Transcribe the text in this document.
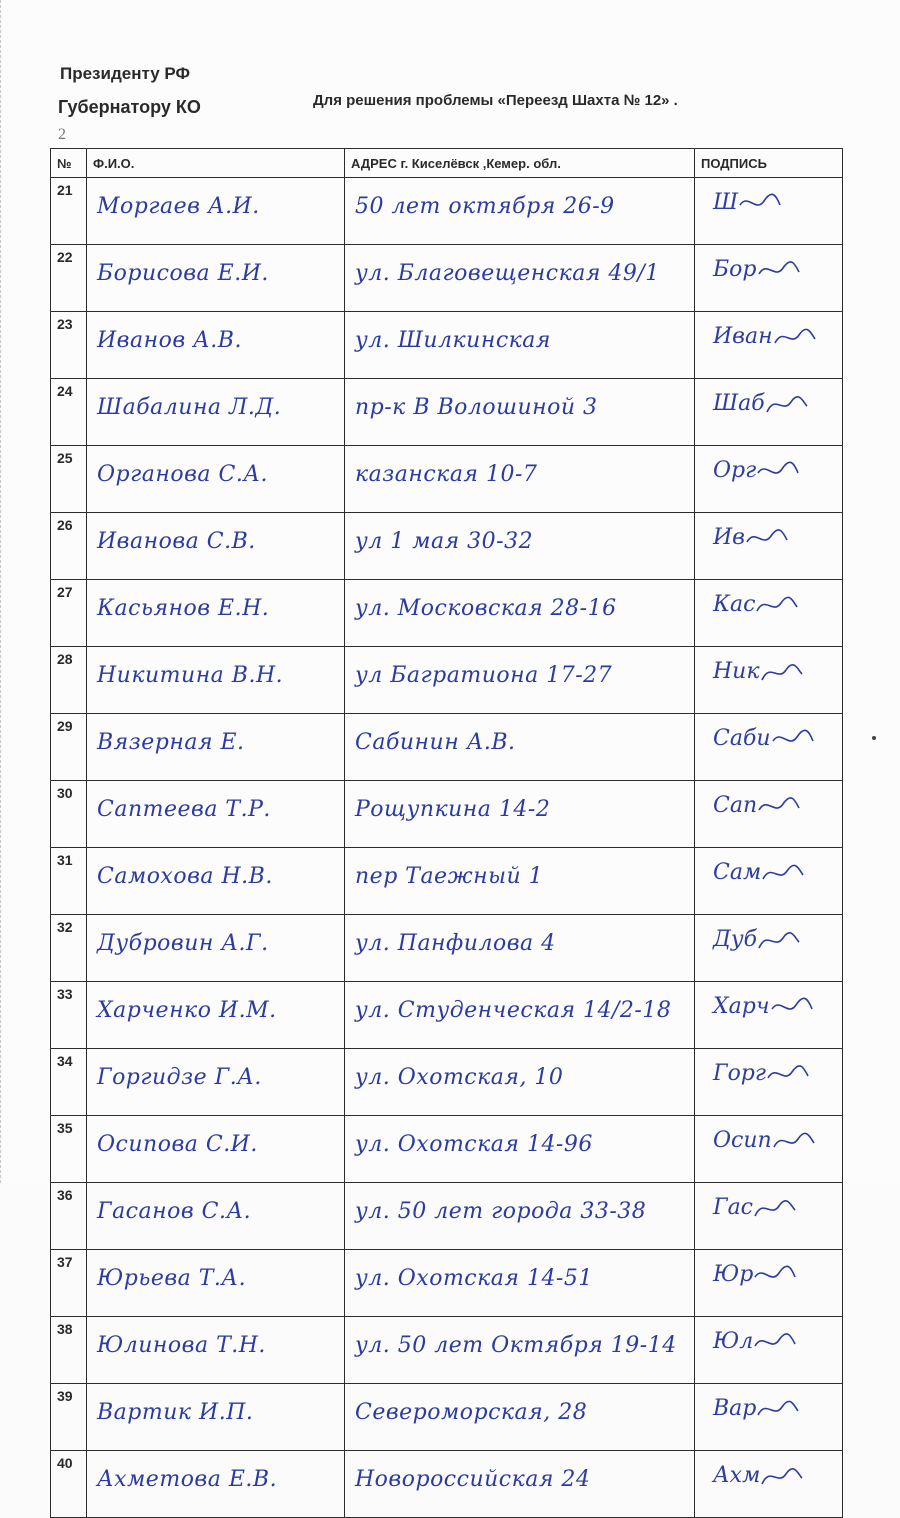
Президенту РФ
Губернатору КО	Для решения проблемы «Переезд Шахта № 12» .
2
№	Ф.И.О.	АДРЕС г. Киселёвск ,Кемер. обл.	ПОДПИСЬ
21	Моргаев А.И.	50 лет октября 26-9	Ш
22	Борисова Е.И.	ул. Благовещенская 49/1	Бор
23	Иванов А.В.	ул. Шилкинская	Иван
24	Шабалина Л.Д.	пр-к В Волошиной 3	Шаб
25	Органова С.А.	казанская 10-7	Орг
26	Иванова С.В.	ул 1 мая 30-32	Ив
27	Касьянов Е.Н.	ул. Московская 28-16	Кас
28	Никитина В.Н.	ул Багратиона 17-27	Ник
29	Вязерная Е.	Сабинин А.В.	Саби
30	Саптеева Т.Р.	Рощупкина 14-2	Сап
31	Самохова Н.В.	пер Таежный 1	Сам
32	Дубровин А.Г.	ул. Панфилова 4	Дуб
33	Харченко И.М.	ул. Студенческая 14/2-18	Харч
34	Горгидзе Г.А.	ул. Охотская, 10	Горг
35	Осипова С.И.	ул. Охотская 14-96	Осип
36	Гасанов С.А.	ул. 50 лет города 33-38	Гас
37	Юрьева Т.А.	ул. Охотская 14-51	Юр
38	Юлинова Т.Н.	ул. 50 лет Октября 19-14	Юл
39	Вартик И.П.	Североморская, 28	Вар
40	Ахметова Е.В.	Новороссийская 24	Ахм
